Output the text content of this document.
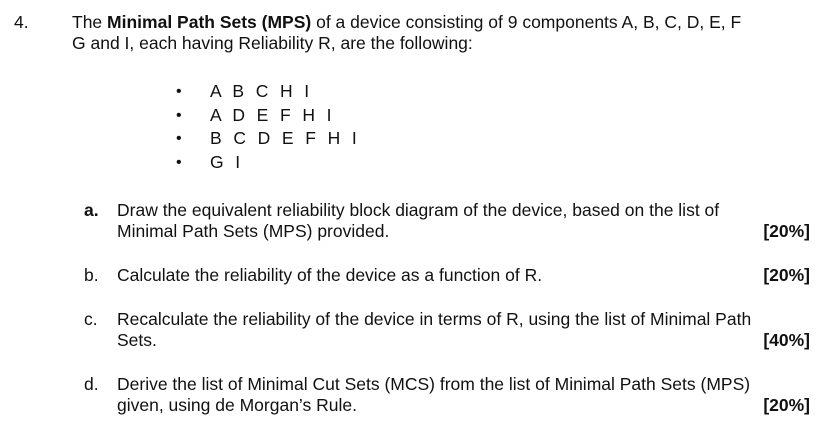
4. The Minimal Path Sets (MPS) of a device consisting of 9 components A, B, C, D, E, F
G and I, each having Reliability R, are the following:
• A B C H I
• A D E F H I
• B C D E F H I
• G I
a. Draw the equivalent reliability block diagram of the device, based on the list of
Minimal Path Sets (MPS) provided.	[20%]
b. Calculate the reliability of the device as a function of R.	[20%]
c. Recalculate the reliability of the device in terms of R, using the list of Minimal Path
Sets.	[40%]
d. Derive the list of Minimal Cut Sets (MCS) from the list of Minimal Path Sets (MPS)
given, using de Morgan’s Rule.	[20%]
